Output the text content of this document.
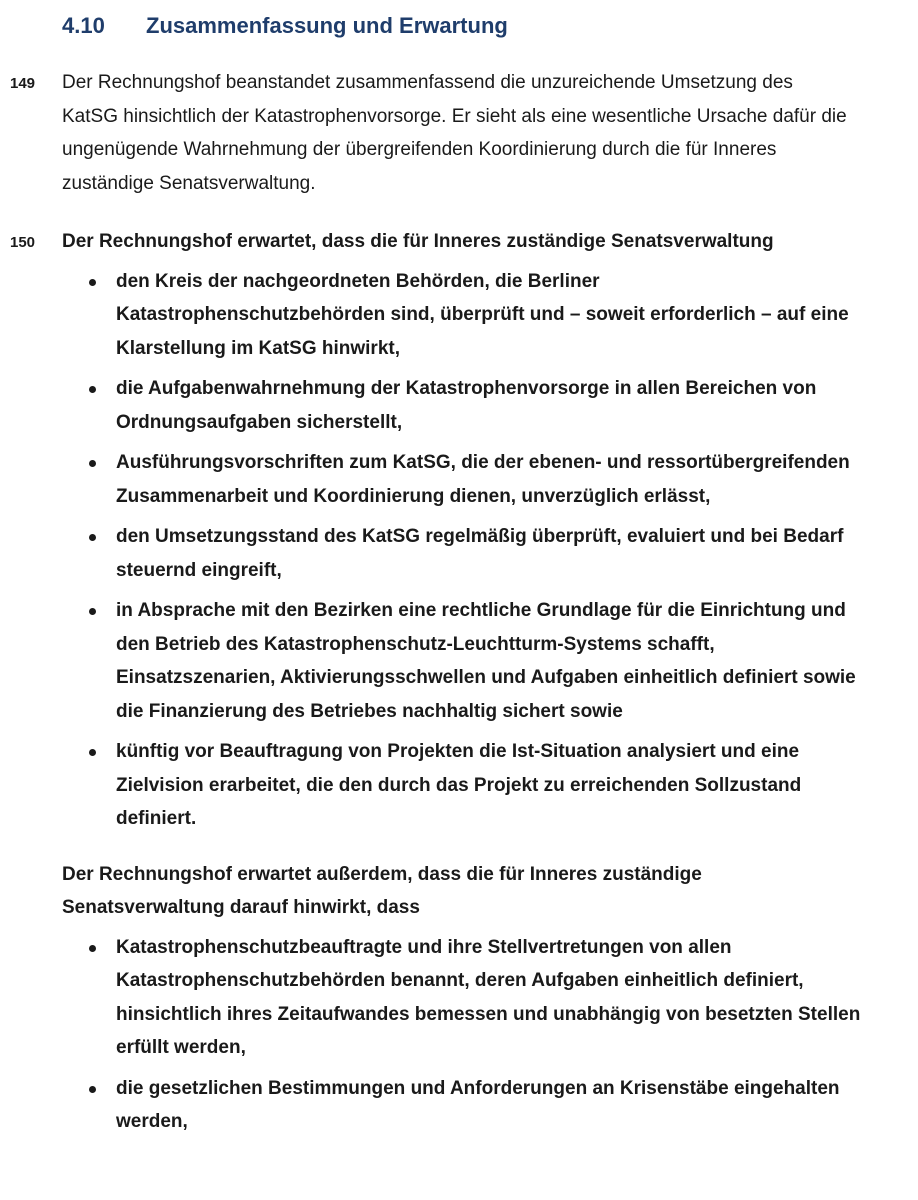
4.10	Zusammenfassung und Erwartung
149 Der Rechnungshof beanstandet zusammenfassend die unzureichende Umsetzung des KatSG hinsichtlich der Katastrophenvorsorge. Er sieht als eine wesentliche Ursache dafür die ungenügende Wahrnehmung der übergreifenden Koordinierung durch die für Inneres zuständige Senatsverwaltung.
150 Der Rechnungshof erwartet, dass die für Inneres zuständige Senatsverwaltung
den Kreis der nachgeordneten Behörden, die Berliner Katastrophenschutzbehörden sind, überprüft und – soweit erforderlich – auf eine Klarstellung im KatSG hinwirkt,
die Aufgabenwahrnehmung der Katastrophenvorsorge in allen Bereichen von Ordnungsaufgaben sicherstellt,
Ausführungsvorschriften zum KatSG, die der ebenen- und ressortübergreifenden Zusammenarbeit und Koordinierung dienen, unverzüglich erlässt,
den Umsetzungsstand des KatSG regelmäßig überprüft, evaluiert und bei Bedarf steuernd eingreift,
in Absprache mit den Bezirken eine rechtliche Grundlage für die Einrichtung und den Betrieb des Katastrophenschutz-Leuchtturm-Systems schafft, Einsatzszenarien, Aktivierungsschwellen und Aufgaben einheitlich definiert sowie die Finanzierung des Betriebes nachhaltig sichert sowie
künftig vor Beauftragung von Projekten die Ist-Situation analysiert und eine Zielvision erarbeitet, die den durch das Projekt zu erreichenden Sollzustand definiert.
Der Rechnungshof erwartet außerdem, dass die für Inneres zuständige Senatsverwaltung darauf hinwirkt, dass
Katastrophenschutzbeauftragte und ihre Stellvertretungen von allen Katastrophenschutzbehörden benannt, deren Aufgaben einheitlich definiert, hinsichtlich ihres Zeitaufwandes bemessen und unabhängig von besetzten Stellen erfüllt werden,
die gesetzlichen Bestimmungen und Anforderungen an Krisenstäbe eingehalten werden,
